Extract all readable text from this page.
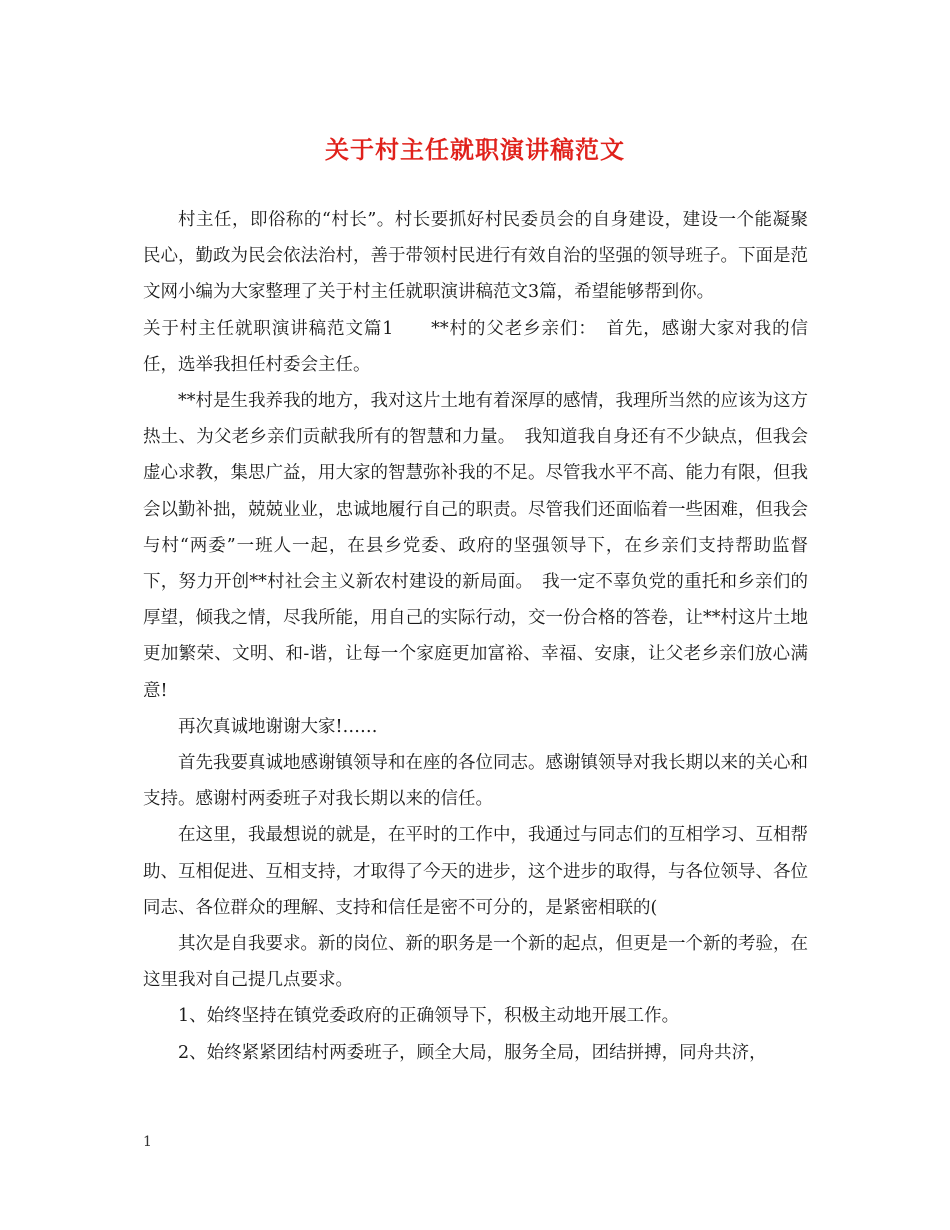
关于村主任就职演讲稿范文

村主任，即俗称的“村长”。村长要抓好村民委员会的自身建设，建设一个能凝聚民心，勤政为民会依法治村，善于带领村民进行有效自治的坚强的领导班子。下面是范文网小编为大家整理了关于村主任就职演讲稿范文3篇，希望能够帮到你。

关于村主任就职演讲稿范文篇1　　**村的父老乡亲们：　首先，感谢大家对我的信任，选举我担任村委会主任。

**村是生我养我的地方，我对这片土地有着深厚的感情，我理所当然的应该为这方热土、为父老乡亲们贡献我所有的智慧和力量。　我知道我自身还有不少缺点，但我会虚心求教，集思广益，用大家的智慧弥补我的不足。尽管我水平不高、能力有限，但我会以勤补拙，兢兢业业，忠诚地履行自己的职责。尽管我们还面临着一些困难，但我会与村“两委”一班人一起，在县乡党委、政府的坚强领导下，在乡亲们支持帮助监督下，努力开创**村社会主义新农村建设的新局面。　我一定不辜负党的重托和乡亲们的厚望，倾我之情，尽我所能，用自己的实际行动，交一份合格的答卷，让**村这片土地更加繁荣、文明、和-谐，让每一个家庭更加富裕、幸福、安康，让父老乡亲们放心满意!

再次真诚地谢谢大家!……

首先我要真诚地感谢镇领导和在座的各位同志。感谢镇领导对我长期以来的关心和支持。感谢村两委班子对我长期以来的信任。

在这里，我最想说的就是，在平时的工作中，我通过与同志们的互相学习、互相帮助、互相促进、互相支持，才取得了今天的进步，这个进步的取得，与各位领导、各位同志、各位群众的理解、支持和信任是密不可分的，是紧密相联的(

其次是自我要求。新的岗位、新的职务是一个新的起点，但更是一个新的考验，在这里我对自己提几点要求。

1、始终坚持在镇党委政府的正确领导下，积极主动地开展工作。

2、始终紧紧团结村两委班子，顾全大局，服务全局，团结拼搏，同舟共济，

1
